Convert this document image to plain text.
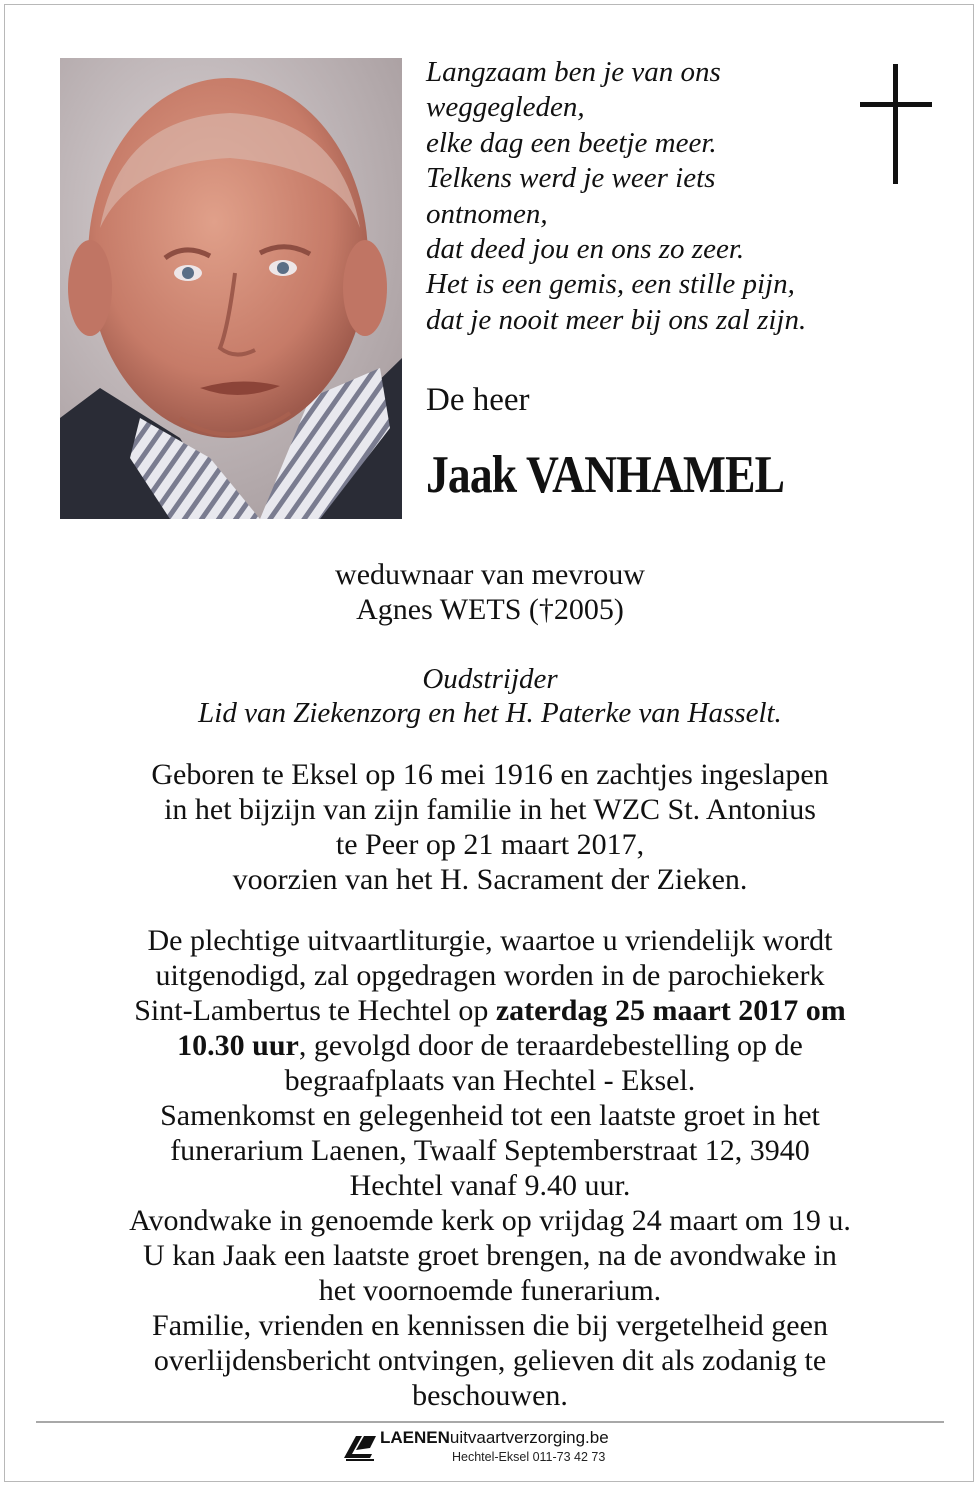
Langzaam ben je van ons
weggegleden,
elke dag een beetje meer.
Telkens werd je weer iets
ontnomen,
dat deed jou en ons zo zeer.
Het is een gemis, een stille pijn,
dat je nooit meer bij ons zal zijn.
De heer
Jaak VANHAMEL
weduwnaar van mevrouw
Agnes WETS (†2005)
Oudstrijder
Lid van Ziekenzorg en het H. Paterke van Hasselt.
Geboren te Eksel op 16 mei 1916 en zachtjes ingeslapen
in het bijzijn van zijn familie in het WZC St. Antonius
te Peer op 21 maart 2017,
voorzien van het H. Sacrament der Zieken.
De plechtige uitvaartliturgie, waartoe u vriendelijk wordt
uitgenodigd, zal opgedragen worden in de parochiekerk
Sint-Lambertus te Hechtel op zaterdag 25 maart 2017 om
10.30 uur, gevolgd door de teraardebestelling op de
begraafplaats van Hechtel - Eksel.
Samenkomst en gelegenheid tot een laatste groet in het
funerarium Laenen, Twaalf Septemberstraat 12, 3940
Hechtel vanaf 9.40 uur.
Avondwake in genoemde kerk op vrijdag 24 maart om 19 u.
U kan Jaak een laatste groet brengen, na de avondwake in
het voornoemde funerarium.
Familie, vrienden en kennissen die bij vergetelheid geen
overlijdensbericht ontvingen, gelieven dit als zodanig te
beschouwen.
LAENENuitvaartverzorging.be
Hechtel-Eksel 011-73 42 73
